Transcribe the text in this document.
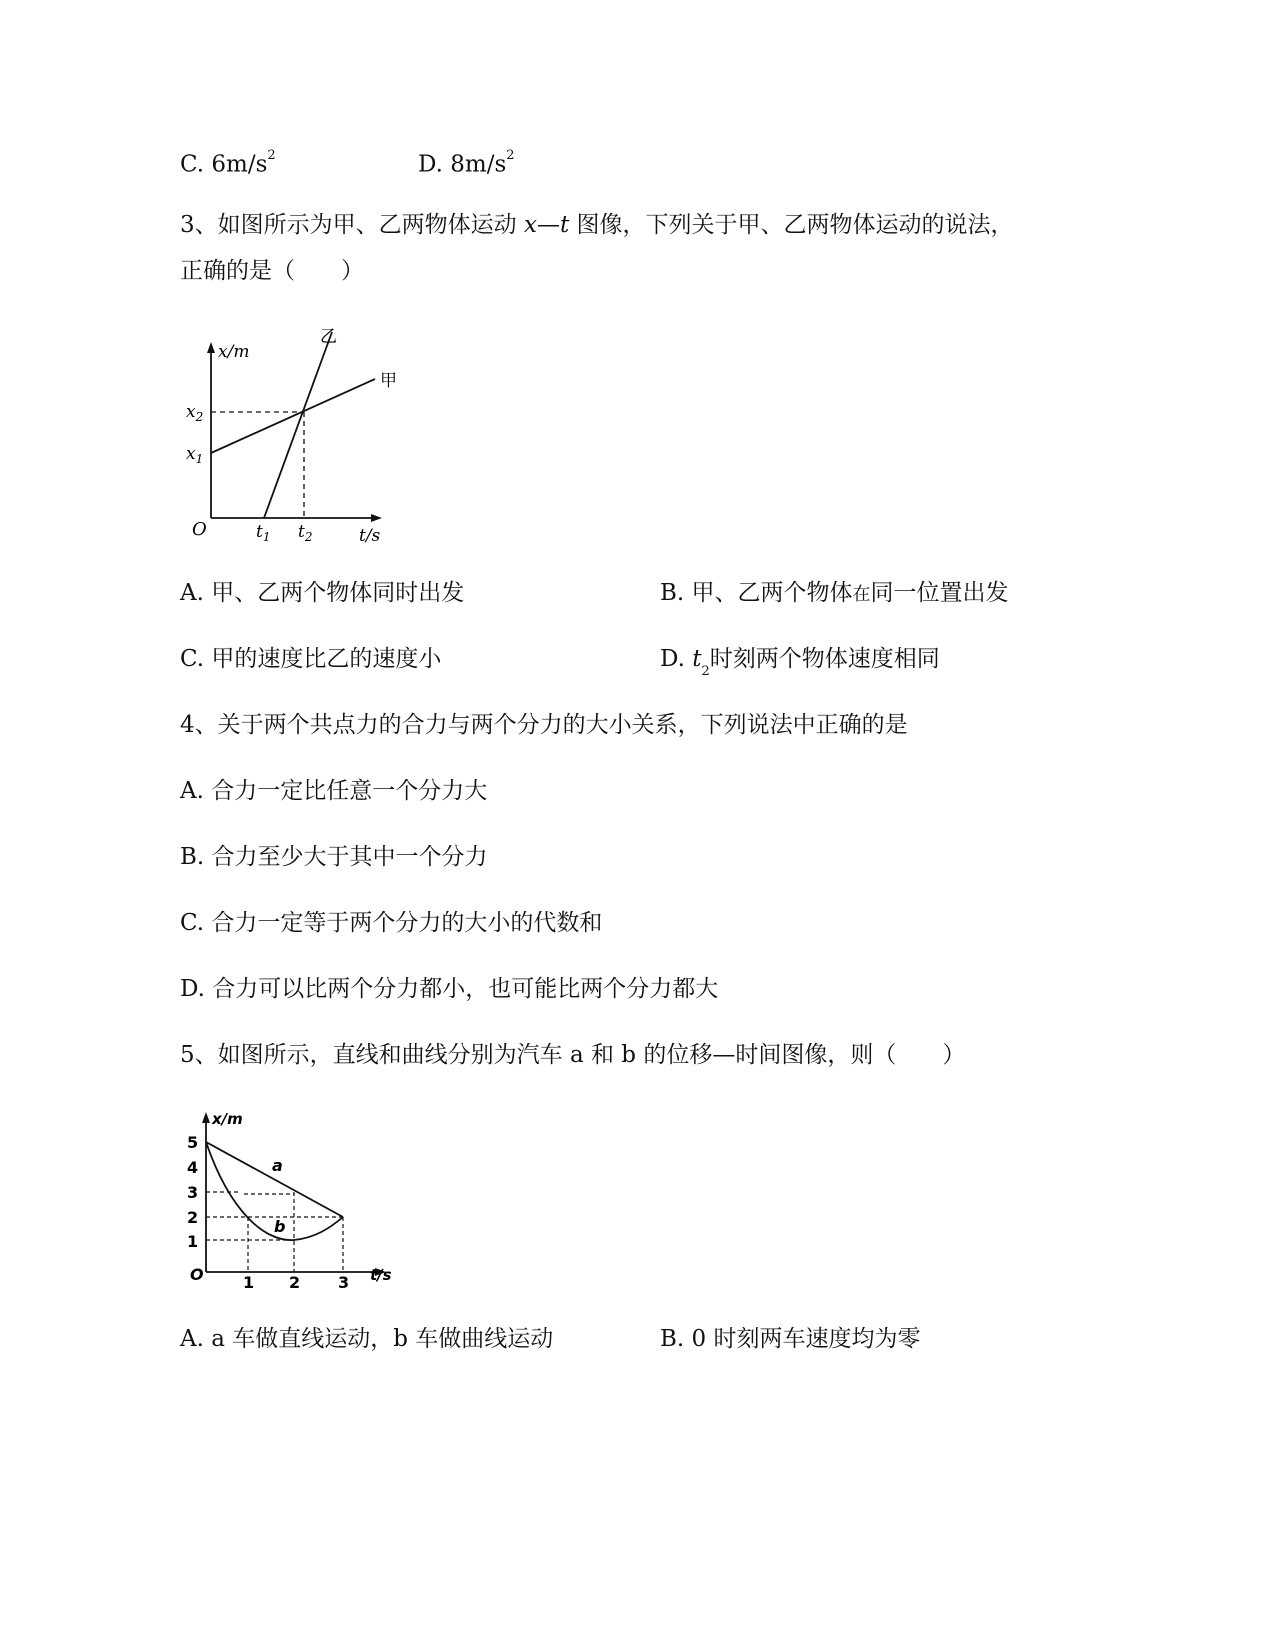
C. $6m/s^2$	D. $8m/s^2$
3、如图所示为甲、乙两物体运动 x—t 图像，下列关于甲、乙两物体运动的说法，
正确的是（　　）
x/m
t/s
O
$x_2$
$x_1$
$t_1$ $t_2$
甲
乙
A. 甲、乙两个物体同时出发	B. 甲、乙两个物体在同一位置出发
C. 甲的速度比乙的速度小	D. $t_2$时刻两个物体速度相同
4、关于两个共点力的合力与两个分力的大小关系，下列说法中正确的是
A. 合力一定比任意一个分力大
B. 合力至少大于其中一个分力
C. 合力一定等于两个分力的大小的代数和
D. 合力可以比两个分力都小，也可能比两个分力都大
5、如图所示，直线和曲线分别为汽车 a 和 b 的位移—时间图像，则（　　）
x/m
t/s
O
5
4
3
2
1
1 2 3
a
b
A. a 车做直线运动，b 车做曲线运动	B. 0 时刻两车速度均为零
